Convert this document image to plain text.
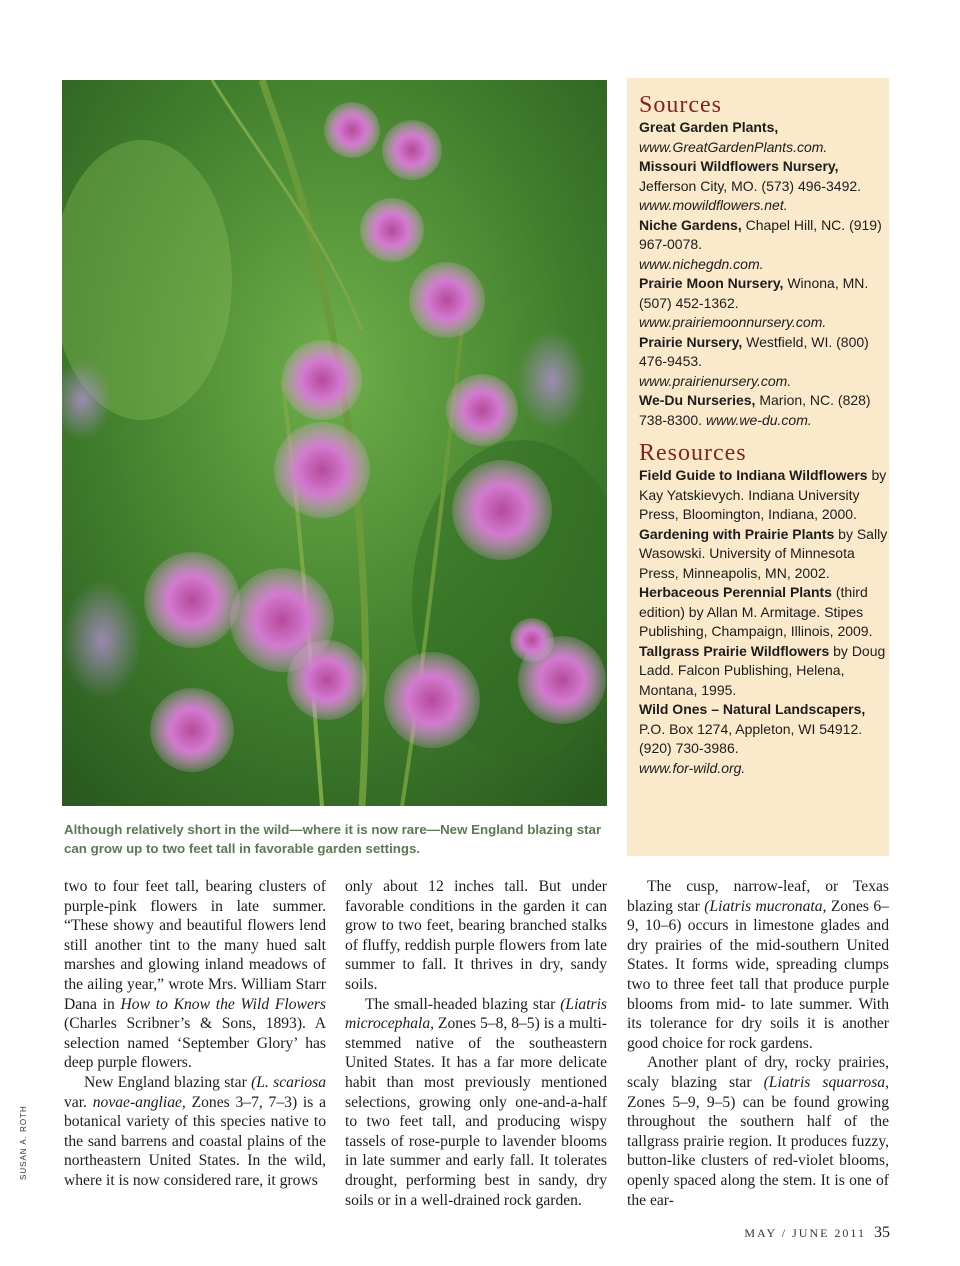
SUSAN A. ROTH
Although relatively short in the wild—where it is now rare—New England blazing star can grow up to two feet tall in favorable garden settings.
Sources

Great Garden Plants,
www.GreatGardenPlants.com.

Missouri Wildflowers Nursery, Jefferson City, MO. (573) 496-3492.
www.mowildflowers.net.

Niche Gardens, Chapel Hill, NC. (919) 967-0078.
www.nichegdn.com.

Prairie Moon Nursery, Winona, MN. (507) 452-1362.
www.prairiemoonnursery.com.

Prairie Nursery, Westfield, WI. (800) 476-9453.
www.prairienursery.com.

We-Du Nurseries, Marion, NC. (828) 738-8300. www.we-du.com.

Resources

Field Guide to Indiana Wildflowers by Kay Yatskievych. Indiana University Press, Bloomington, Indiana, 2000.

Gardening with Prairie Plants by Sally Wasowski. University of Minnesota Press, Minneapolis, MN, 2002.

Herbaceous Perennial Plants (third edition) by Allan M. Armitage. Stipes Publishing, Champaign, Illinois, 2009.

Tallgrass Prairie Wildflowers by Doug Ladd. Falcon Publishing, Helena, Montana, 1995.

Wild Ones – Natural Landscapers, P.O. Box 1274, Appleton, WI 54912. (920) 730-3986.
www.for-wild.org.

two to four feet tall, bearing clusters of purple-pink flowers in late summer. “These showy and beautiful flowers lend still another tint to the many hued salt marshes and glowing inland meadows of the ailing year,” wrote Mrs. William Starr Dana in How to Know the Wild Flowers (Charles Scribner’s & Sons, 1893). A selection named ‘September Glory’ has deep purple flowers.

New England blazing star (L. scariosa var. novae-angliae, Zones 3–7, 7–3) is a botanical variety of this species native to the sand barrens and coastal plains of the northeastern United States. In the wild, where it is now considered rare, it grows

only about 12 inches tall. But under favorable conditions in the garden it can grow to two feet, bearing branched stalks of fluffy, reddish purple flowers from late summer to fall. It thrives in dry, sandy soils.

The small-headed blazing star (Liatris microcephala, Zones 5–8, 8–5) is a multi-stemmed native of the southeastern United States. It has a far more delicate habit than most previously mentioned selections, growing only one-and-a-half to two feet tall, and producing wispy tassels of rose-purple to lavender blooms in late summer and early fall. It tolerates drought, performing best in sandy, dry soils or in a well-drained rock garden.

The cusp, narrow-leaf, or Texas blazing star (Liatris mucronata, Zones 6–9, 10–6) occurs in limestone glades and dry prairies of the mid-southern United States. It forms wide, spreading clumps two to three feet tall that produce purple blooms from mid- to late summer. With its tolerance for dry soils it is another good choice for rock gardens.

Another plant of dry, rocky prairies, scaly blazing star (Liatris squarrosa, Zones 5–9, 9–5) can be found growing throughout the southern half of the tallgrass prairie region. It produces fuzzy, button-like clusters of red-violet blooms, openly spaced along the stem. It is one of the ear-

MAY / JUNE 2011 35
